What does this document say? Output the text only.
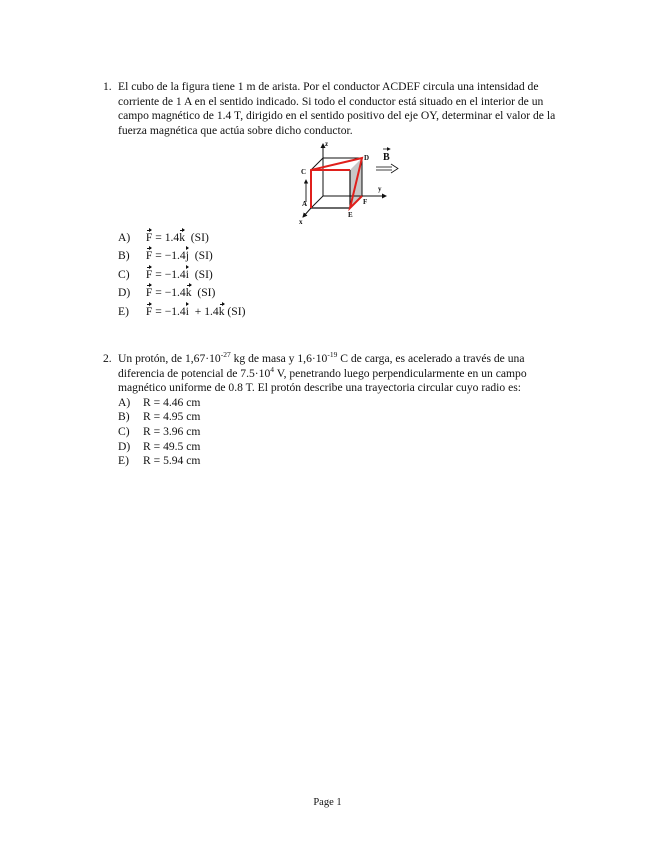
1. El cubo de la figura tiene 1 m de arista. Por el conductor ACDEF circula una intensidad de corriente de 1 A en el sentido indicado. Si todo el conductor está situado en el interior de un campo magnético de 1.4 T, dirigido en el sentido positivo del eje OY, determinar el valor de la fuerza magnética que actúa sobre dicho conductor.
B
z
y
x
A
C
D
E
F
A) F = 1.4k  (SI)
B) F = −1.4j  (SI)
C) F = −1.4i  (SI)
D) F = −1.4k  (SI)
E) F = −1.4i  + 1.4k (SI)
2. Un protón, de $1,67\cdot 10^{-27}$ kg de masa y $1,6\cdot 10^{-19}$ C de carga, es acelerado a través de una diferencia de potencial de $7.5\cdot 10^4$ V, penetrando luego perpendicularmente en un campo magnético uniforme de 0.8 T. El protón describe una trayectoria circular cuyo radio es:
A) R = 4.46 cm
B) R = 4.95 cm
C) R = 3.96 cm
D) R = 49.5 cm
E) R = 5.94 cm
Page 1
